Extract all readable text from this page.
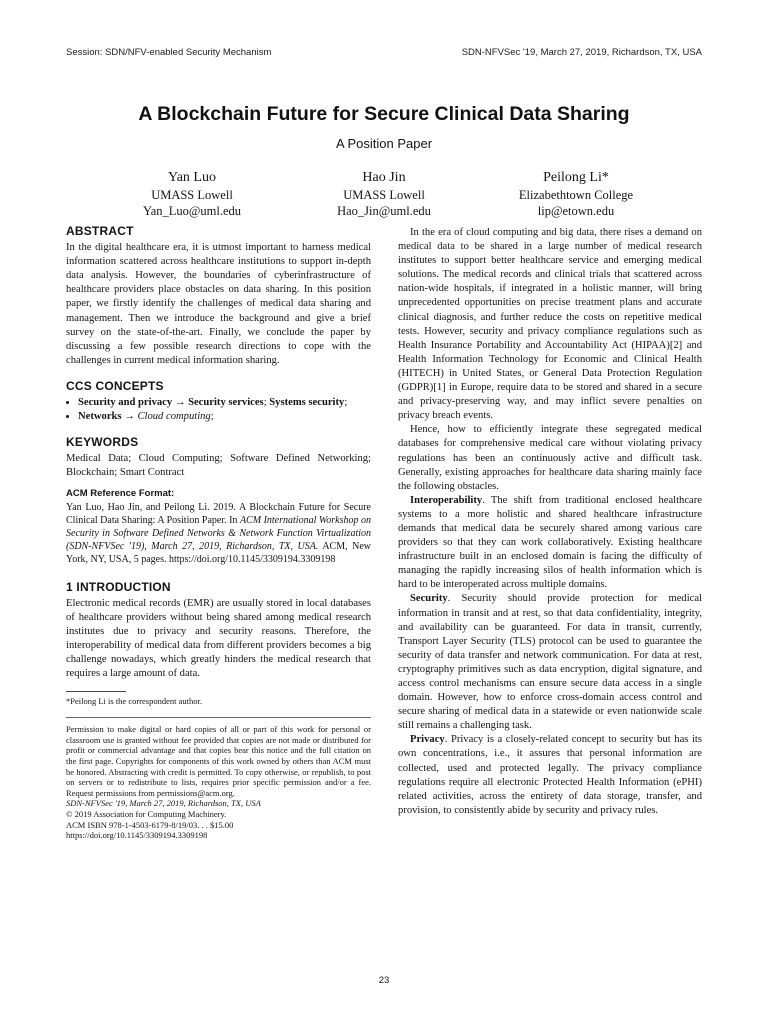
Session: SDN/NFV-enabled Security Mechanism	SDN-NFVSec '19, March 27, 2019, Richardson, TX, USA
A Blockchain Future for Secure Clinical Data Sharing
A Position Paper
Yan Luo
UMASS Lowell
Yan_Luo@uml.edu
Hao Jin
UMASS Lowell
Hao_Jin@uml.edu
Peilong Li*
Elizabethtown College
lip@etown.edu
ABSTRACT

In the digital healthcare era, it is utmost important to harness medical information scattered across healthcare institutions to support in-depth data analysis. However, the boundaries of cyberinfrastructure of healthcare providers place obstacles on data sharing. In this position paper, we firstly identify the challenges of medical data sharing and management. Then we introduce the background and give a brief survey on the state-of-the-art. Finally, we conclude the paper by discussing a few possible research directions to cope with the challenges in current medical information sharing.

CCS CONCEPTS
• Security and privacy → Security services; Systems security;
• Networks → Cloud computing;
KEYWORDS

Medical Data; Cloud Computing; Software Defined Networking; Blockchain; Smart Contract

ACM Reference Format:

Yan Luo, Hao Jin, and Peilong Li. 2019. A Blockchain Future for Secure Clinical Data Sharing: A Position Paper. In ACM International Workshop on Security in Software Defined Networks & Network Function Virtualization (SDN-NFVSec '19), March 27, 2019, Richardson, TX, USA. ACM, New York, NY, USA, 5 pages. https://doi.org/10.1145/3309194.3309198

1 INTRODUCTION

Electronic medical records (EMR) are usually stored in local databases of healthcare providers without being shared among medical research institutes due to privacy and security reasons. Therefore, the interoperability of medical data from different providers becomes a big challenge nowadays, which greatly hinders the medical research that requires a large amount of data.

*Peilong Li is the correspondent author.
Permission to make digital or hard copies of all or part of this work for personal or classroom use is granted without fee provided that copies are not made or distributed for profit or commercial advantage and that copies bear this notice and the full citation on the first page. Copyrights for components of this work owned by others than ACM must be honored. Abstracting with credit is permitted. To copy otherwise, or republish, to post on servers or to redistribute to lists, requires prior specific permission and/or a fee. Request permissions from permissions@acm.org.
SDN-NFVSec '19, March 27, 2019, Richardson, TX, USA
© 2019 Association for Computing Machinery.
ACM ISBN 978-1-4503-6179-8/19/03. . . $15.00
https://doi.org/10.1145/3309194.3309198

In the era of cloud computing and big data, there rises a demand on medical data to be shared in a large number of medical research institutes to support better healthcare service and emerging medical solutions. The medical records and clinical trials that scattered across nation-wide hospitals, if integrated in a holistic manner, will bring unprecedented opportunities on precise treatment plans and accurate clinical diagnosis, and further reduce the costs on repetitive medical tests. However, security and privacy compliance regulations such as Health Insurance Portability and Accountability Act (HIPAA)[2] and Health Information Technology for Economic and Clinical Health (HITECH) in United States, or General Data Protection Regulation (GDPR)[1] in Europe, require data to be stored and shared in a secure and privacy-preserving way, and may inflict severe penalties on privacy breach events.

Hence, how to efficiently integrate these segregated medical databases for comprehensive medical care without violating privacy regulations has been an continuously active and difficult task. Generally, existing approaches for healthcare data sharing mainly face the following obstacles.

Interoperability. The shift from traditional enclosed healthcare systems to a more holistic and shared healthcare infrastructure demands that medical data be securely shared among various care providers so that they can work collaboratively. Existing healthcare infrastructure built in an enclosed domain is facing the difficulty of managing the rapidly increasing silos of health information which is hard to be interoperated across multiple domains.

Security. Security should provide protection for medical information in transit and at rest, so that data confidentiality, integrity, and availability can be guaranteed. For data in transit, currently, Transport Layer Security (TLS) protocol can be used to guarantee the security of data transfer and network communication. For data at rest, cryptography primitives such as data encryption, digital signature, and access control mechanisms can ensure secure data access in a single domain. However, how to enforce cross-domain access control and secure sharing of medical data in a statewide or even nationwide scale still remains a challenging task.

Privacy. Privacy is a closely-related concept to security but has its own concentrations, i.e., it assures that personal information are collected, used and protected legally. The privacy compliance regulations require all electronic Protected Health Information (ePHI) related activities, across the entirety of data storage, transfer, and provision, to consistently abide by security and privacy rules.

23
